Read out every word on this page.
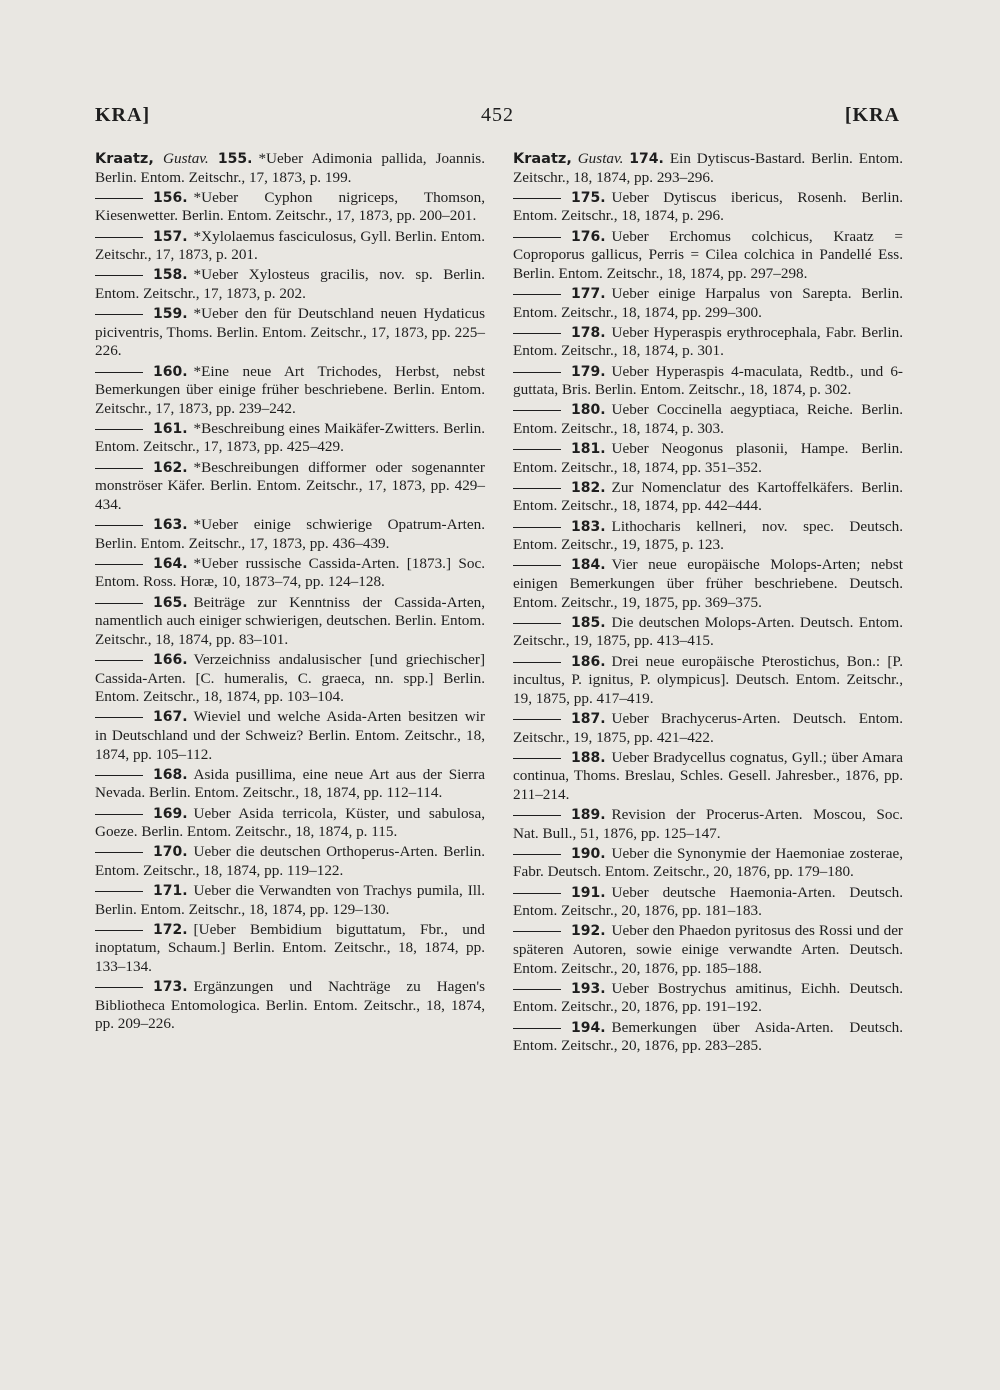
KRA]	452	[KRA
Kraatz, Gustav. 155. *Ueber Adimonia pallida, Joannis. Berlin. Entom. Zeitschr., 17, 1873, p. 199.
156. *Ueber Cyphon nigriceps, Thomson, Kiesenwetter. Berlin. Entom. Zeitschr., 17, 1873, pp. 200–201.
157. *Xylolaemus fasciculosus, Gyll. Berlin. Entom. Zeitschr., 17, 1873, p. 201.
158. *Ueber Xylosteus gracilis, nov. sp. Berlin. Entom. Zeitschr., 17, 1873, p. 202.
159. *Ueber den für Deutschland neuen Hydaticus piciventris, Thoms. Berlin. Entom. Zeitschr., 17, 1873, pp. 225–226.
160. *Eine neue Art Trichodes, Herbst, nebst Bemerkungen über einige früher beschriebene. Berlin. Entom. Zeitschr., 17, 1873, pp. 239–242.
161. *Beschreibung eines Maikäfer-Zwitters. Berlin. Entom. Zeitschr., 17, 1873, pp. 425–429.
162. *Beschreibungen difformer oder sogenannter monströser Käfer. Berlin. Entom. Zeitschr., 17, 1873, pp. 429–434.
163. *Ueber einige schwierige Opatrum-Arten. Berlin. Entom. Zeitschr., 17, 1873, pp. 436–439.
164. *Ueber russische Cassida-Arten. [1873.] Soc. Entom. Ross. Horæ, 10, 1873–74, pp. 124–128.
165. Beiträge zur Kenntniss der Cassida-Arten, namentlich auch einiger schwierigen, deutschen. Berlin. Entom. Zeitschr., 18, 1874, pp. 83–101.
166. Verzeichniss andalusischer [und griechischer] Cassida-Arten. [C. humeralis, C. graeca, nn. spp.] Berlin. Entom. Zeitschr., 18, 1874, pp. 103–104.
167. Wieviel und welche Asida-Arten besitzen wir in Deutschland und der Schweiz? Berlin. Entom. Zeitschr., 18, 1874, pp. 105–112.
168. Asida pusillima, eine neue Art aus der Sierra Nevada. Berlin. Entom. Zeitschr., 18, 1874, pp. 112–114.
169. Ueber Asida terricola, Küster, und sabulosa, Goeze. Berlin. Entom. Zeitschr., 18, 1874, p. 115.
170. Ueber die deutschen Orthoperus-Arten. Berlin. Entom. Zeitschr., 18, 1874, pp. 119–122.
171. Ueber die Verwandten von Trachys pumila, Ill. Berlin. Entom. Zeitschr., 18, 1874, pp. 129–130.
172. [Ueber Bembidium biguttatum, Fbr., und inoptatum, Schaum.] Berlin. Entom. Zeitschr., 18, 1874, pp. 133–134.
173. Ergänzungen und Nachträge zu Hagen's Bibliotheca Entomologica. Berlin. Entom. Zeitschr., 18, 1874, pp. 209–226.
Kraatz, Gustav. 174. Ein Dytiscus-Bastard. Berlin. Entom. Zeitschr., 18, 1874, pp. 293–296.
175. Ueber Dytiscus ibericus, Rosenh. Berlin. Entom. Zeitschr., 18, 1874, p. 296.
176. Ueber Erchomus colchicus, Kraatz = Coproporus gallicus, Perris = Cilea colchica in Pandellé Ess. Berlin. Entom. Zeitschr., 18, 1874, pp. 297–298.
177. Ueber einige Harpalus von Sarepta. Berlin. Entom. Zeitschr., 18, 1874, pp. 299–300.
178. Ueber Hyperaspis erythrocephala, Fabr. Berlin. Entom. Zeitschr., 18, 1874, p. 301.
179. Ueber Hyperaspis 4-maculata, Redtb., und 6-guttata, Bris. Berlin. Entom. Zeitschr., 18, 1874, p. 302.
180. Ueber Coccinella aegyptiaca, Reiche. Berlin. Entom. Zeitschr., 18, 1874, p. 303.
181. Ueber Neogonus plasonii, Hampe. Berlin. Entom. Zeitschr., 18, 1874, pp. 351–352.
182. Zur Nomenclatur des Kartoffelkäfers. Berlin. Entom. Zeitschr., 18, 1874, pp. 442–444.
183. Lithocharis kellneri, nov. spec. Deutsch. Entom. Zeitschr., 19, 1875, p. 123.
184. Vier neue europäische Molops-Arten; nebst einigen Bemerkungen über früher beschriebene. Deutsch. Entom. Zeitschr., 19, 1875, pp. 369–375.
185. Die deutschen Molops-Arten. Deutsch. Entom. Zeitschr., 19, 1875, pp. 413–415.
186. Drei neue europäische Pterostichus, Bon.: [P. incultus, P. ignitus, P. olympicus]. Deutsch. Entom. Zeitschr., 19, 1875, pp. 417–419.
187. Ueber Brachycerus-Arten. Deutsch. Entom. Zeitschr., 19, 1875, pp. 421–422.
188. Ueber Bradycellus cognatus, Gyll.; über Amara continua, Thoms. Breslau, Schles. Gesell. Jahresber., 1876, pp. 211–214.
189. Revision der Procerus-Arten. Moscou, Soc. Nat. Bull., 51, 1876, pp. 125–147.
190. Ueber die Synonymie der Haemoniae zosterae, Fabr. Deutsch. Entom. Zeitschr., 20, 1876, pp. 179–180.
191. Ueber deutsche Haemonia-Arten. Deutsch. Entom. Zeitschr., 20, 1876, pp. 181–183.
192. Ueber den Phaedon pyritosus des Rossi und der späteren Autoren, sowie einige verwandte Arten. Deutsch. Entom. Zeitschr., 20, 1876, pp. 185–188.
193. Ueber Bostrychus amitinus, Eichh. Deutsch. Entom. Zeitschr., 20, 1876, pp. 191–192.
194. Bemerkungen über Asida-Arten. Deutsch. Entom. Zeitschr., 20, 1876, pp. 283–285.
